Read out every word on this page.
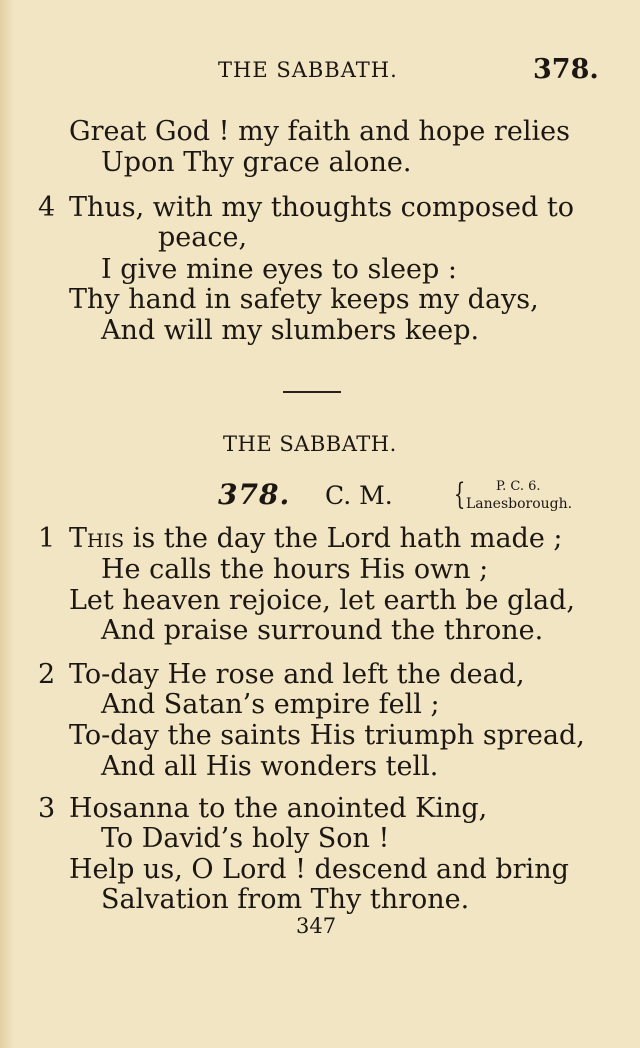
THE SABBATH.	378.
Great God ! my faith and hope relies
Upon Thy grace alone.
4 Thus, with my thoughts composed to
peace,
I give mine eyes to sleep :
Thy hand in safety keeps my days,
And will my slumbers keep.
THE SABBATH.
378. C. M. { P. C. 6.
Lanesborough.
1 This is the day the Lord hath made ;
He calls the hours His own ;
Let heaven rejoice, let earth be glad,
And praise surround the throne.
2 To-day He rose and left the dead,
And Satan’s empire fell ;
To-day the saints His triumph spread,
And all His wonders tell.
3 Hosanna to the anointed King,
To David’s holy Son !
Help us, O Lord ! descend and bring
Salvation from Thy throne.
347
